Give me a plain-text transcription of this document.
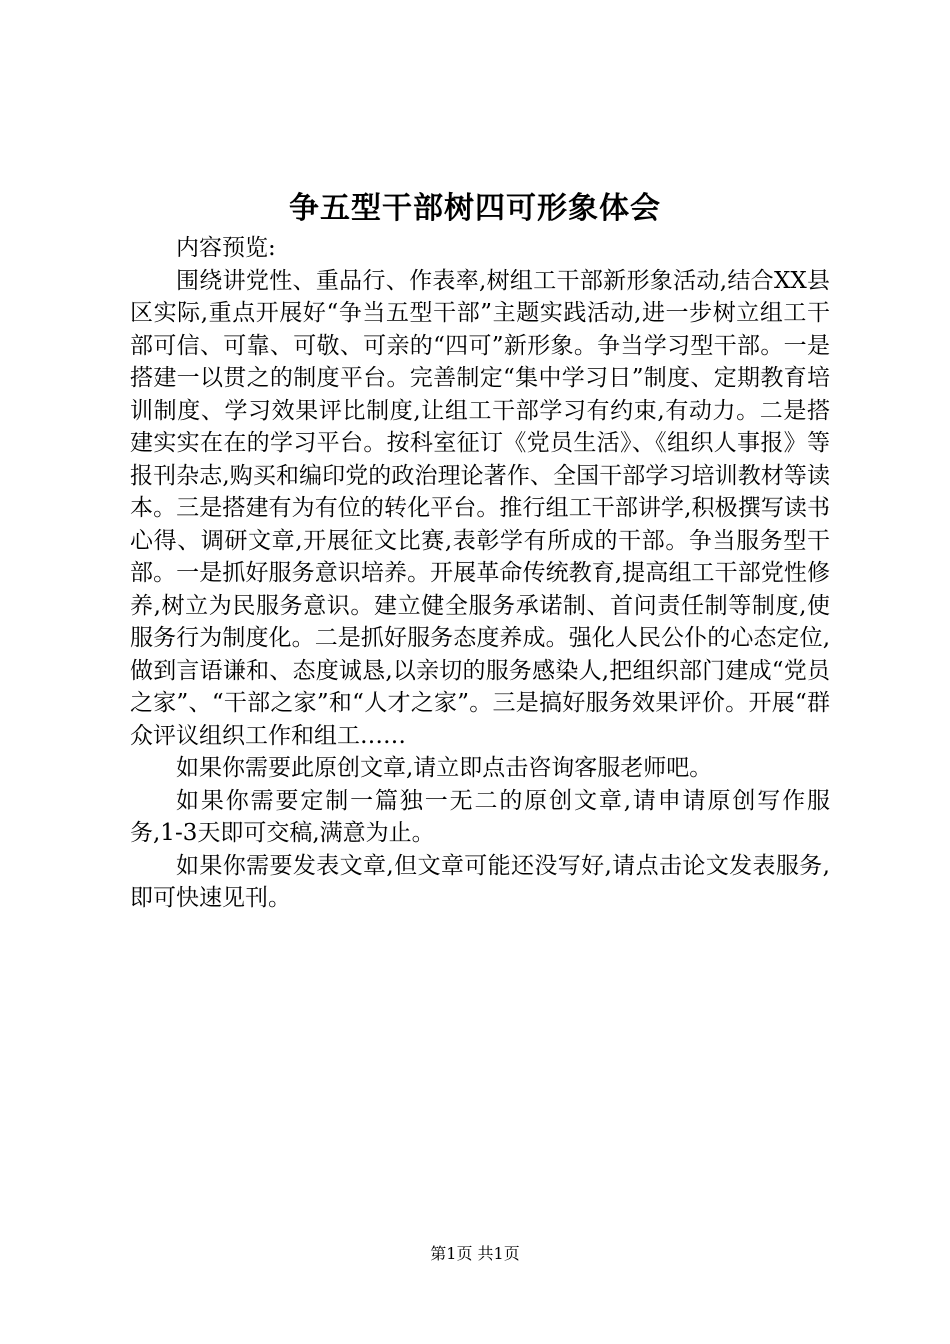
争五型干部树四可形象体会

内容预览:

围绕讲党性、重品行、作表率,树组工干部新形象活动,结合XX县区实际,重点开展好“争当五型干部”主题实践活动,进一步树立组工干部可信、可靠、可敬、可亲的“四可”新形象。争当学习型干部。一是搭建一以贯之的制度平台。完善制定“集中学习日”制度、定期教育培训制度、学习效果评比制度,让组工干部学习有约束,有动力。二是搭建实实在在的学习平台。按科室征订《党员生活》、《组织人事报》等报刊杂志,购买和编印党的政治理论著作、全国干部学习培训教材等读本。三是搭建有为有位的转化平台。推行组工干部讲学,积极撰写读书心得、调研文章,开展征文比赛,表彰学有所成的干部。争当服务型干部。一是抓好服务意识培养。开展革命传统教育,提高组工干部党性修养,树立为民服务意识。建立健全服务承诺制、首问责任制等制度,使服务行为制度化。二是抓好服务态度养成。强化人民公仆的心态定位,做到言语谦和、态度诚恳,以亲切的服务感染人,把组织部门建成“党员之家”、“干部之家”和“人才之家”。三是搞好服务效果评价。开展“群众评议组织工作和组工……

如果你需要此原创文章,请立即点击咨询客服老师吧。

如果你需要定制一篇独一无二的原创文章,请申请原创写作服务,1-3天即可交稿,满意为止。

如果你需要发表文章,但文章可能还没写好,请点击论文发表服务,即可快速见刊。

第1页 共1页
